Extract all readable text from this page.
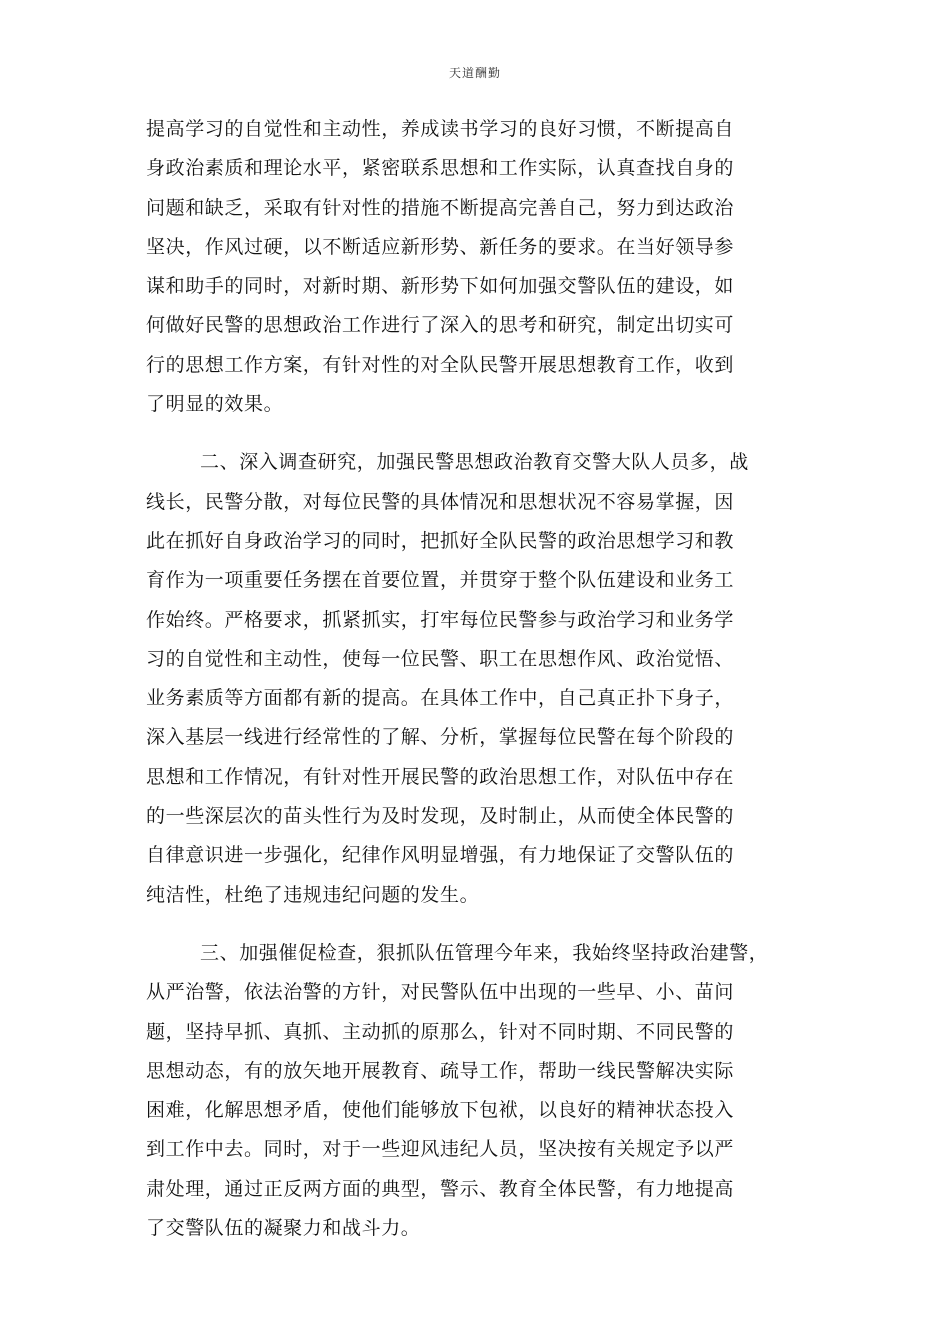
天道酬勤
提高学习的自觉性和主动性，养成读书学习的良好习惯，不断提高自
身政治素质和理论水平，紧密联系思想和工作实际，认真查找自身的
问题和缺乏，采取有针对性的措施不断提高完善自己，努力到达政治
坚决，作风过硬，以不断适应新形势、新任务的要求。在当好领导参
谋和助手的同时，对新时期、新形势下如何加强交警队伍的建设，如
何做好民警的思想政治工作进行了深入的思考和研究，制定出切实可
行的思想工作方案，有针对性的对全队民警开展思想教育工作，收到
了明显的效果。
二、深入调查研究，加强民警思想政治教育交警大队人员多，战
线长，民警分散，对每位民警的具体情况和思想状况不容易掌握，因
此在抓好自身政治学习的同时，把抓好全队民警的政治思想学习和教
育作为一项重要任务摆在首要位置，并贯穿于整个队伍建设和业务工
作始终。严格要求，抓紧抓实，打牢每位民警参与政治学习和业务学
习的自觉性和主动性，使每一位民警、职工在思想作风、政治觉悟、
业务素质等方面都有新的提高。在具体工作中，自己真正扑下身子，
深入基层一线进行经常性的了解、分析，掌握每位民警在每个阶段的
思想和工作情况，有针对性开展民警的政治思想工作，对队伍中存在
的一些深层次的苗头性行为及时发现，及时制止，从而使全体民警的
自律意识进一步强化，纪律作风明显增强，有力地保证了交警队伍的
纯洁性，杜绝了违规违纪问题的发生。
三、加强催促检查，狠抓队伍管理今年来，我始终坚持政治建警，
从严治警，依法治警的方针，对民警队伍中出现的一些早、小、苗问
题，坚持早抓、真抓、主动抓的原那么，针对不同时期、不同民警的
思想动态，有的放矢地开展教育、疏导工作，帮助一线民警解决实际
困难，化解思想矛盾，使他们能够放下包袱，以良好的精神状态投入
到工作中去。同时，对于一些迎风违纪人员，坚决按有关规定予以严
肃处理，通过正反两方面的典型，警示、教育全体民警，有力地提高
了交警队伍的凝聚力和战斗力。
